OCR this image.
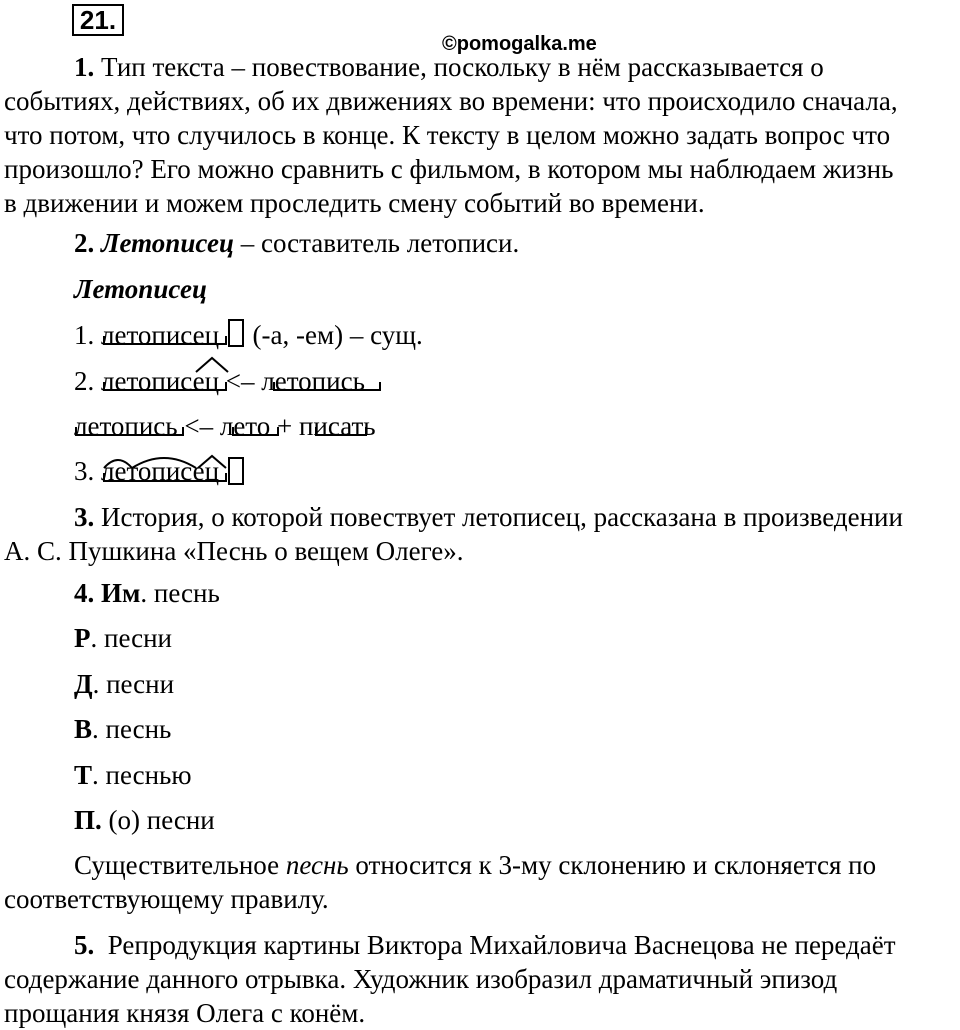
21.
©pomogalka.me
1. Тип текста – повествование, поскольку в нём рассказывается о
событиях, действиях, об их движениях во времени: что происходило сначала,
что потом, что случилось в конце. К тексту в целом можно задать вопрос что
произошло? Его можно сравнить с фильмом, в котором мы наблюдаем жизнь
в движении и можем проследить смену событий во времени.
2. Летописец – составитель летописи.
Летописец
1. летописец (-а, -ем) – сущ.
2. летописец <– летопись
летопись <– лето + писать
3. летописец
3. История, о которой повествует летописец, рассказана в произведении
А. С. Пушкина «Песнь о вещем Олеге».
4. Им. песнь
Р. песни
Д. песни
В. песнь
Т. песнью
П. (о) песни
Существительное песнь относится к 3-му склонению и склоняется по
соответствующему правилу.
5. Репродукция картины Виктора Михайловича Васнецова не передаёт
содержание данного отрывка. Художник изобразил драматичный эпизод
прощания князя Олега с конём.
